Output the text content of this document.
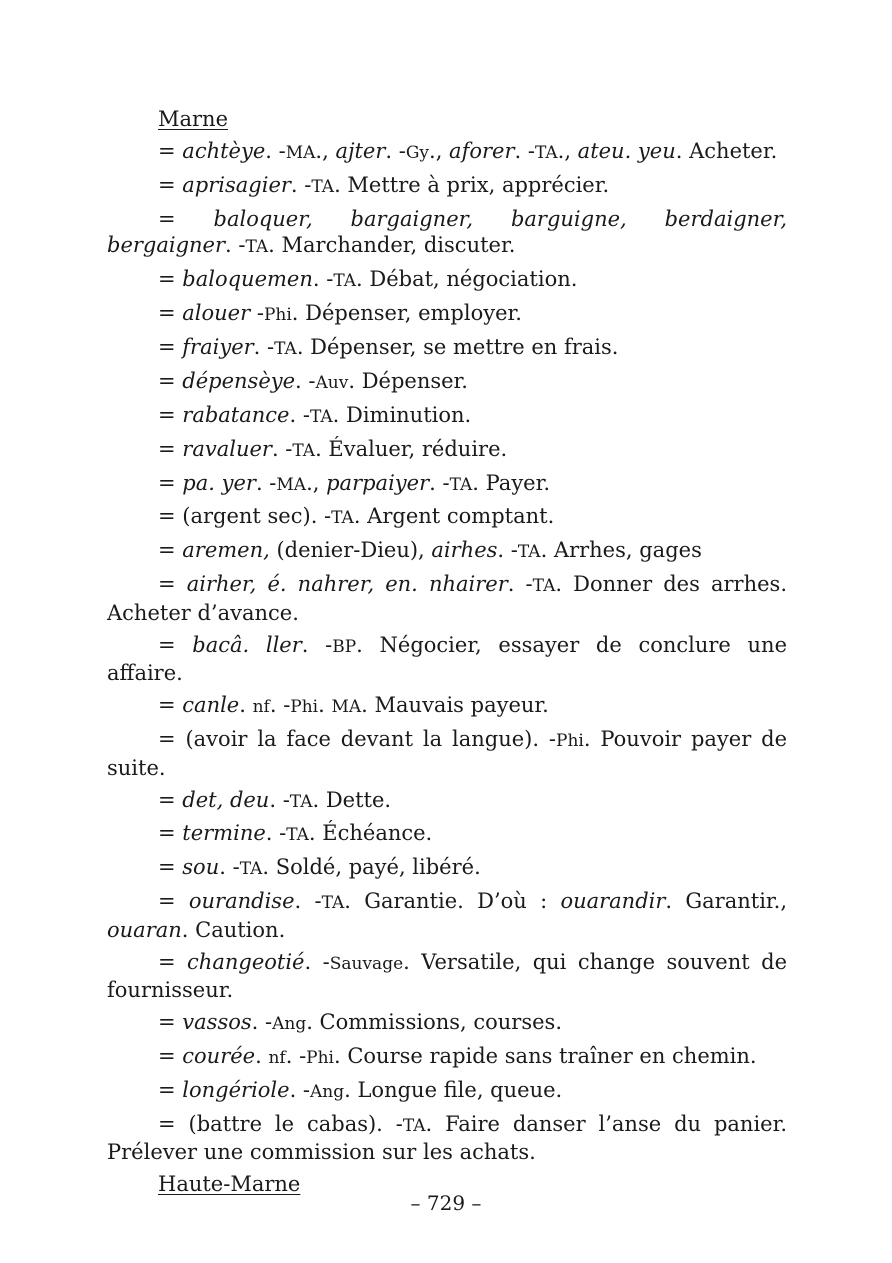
Marne

= achtèye. -MA., ajter. -Gy., aforer. -TA., ateu. yeu. Acheter.

= aprisagier. -TA. Mettre à prix, apprécier.

= baloquer, bargaigner, barguigne, berdaigner, bergaigner. -TA. Marchander, discuter.

= baloquemen. -TA. Débat, négociation.

= alouer -Phi. Dépenser, employer.

= fraiyer. -TA. Dépenser, se mettre en frais.

= dépensèye. -Auv. Dépenser.

= rabatance. -TA. Diminution.

= ravaluer. -TA. Évaluer, réduire.

= pa. yer. -MA., parpaiyer. -TA. Payer.

= (argent sec). -TA. Argent comptant.

= aremen, (denier-Dieu), airhes. -TA. Arrhes, gages

= airher, é. nahrer, en. nhairer. -TA. Donner des arrhes. Acheter d’avance.

= bacâ. ller. -BP. Négocier, essayer de conclure une affaire.

= canle. nf. -Phi. MA. Mauvais payeur.

= (avoir la face devant la langue). -Phi. Pouvoir payer de suite.

= det, deu. -TA. Dette.

= termine. -TA. Échéance.

= sou. -TA. Soldé, payé, libéré.

= ourandise. -TA. Garantie. D’où : ouarandir. Garantir., ouaran. Caution.

= changeotié. -Sauvage. Versatile, qui change souvent de fournisseur.

= vassos. -Ang. Commissions, courses.

= courée. nf. -Phi. Course rapide sans traîner en chemin.

= longériole. -Ang. Longue file, queue.

= (battre le cabas). -TA. Faire danser l’anse du panier. Prélever une commission sur les achats.

Haute-Marne

– 729 –
